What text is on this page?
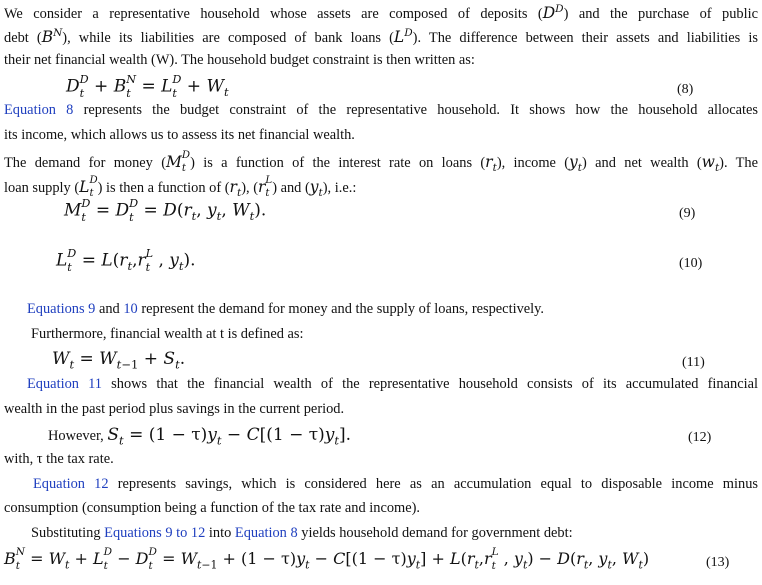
We consider a representative household whose assets are composed of deposits $(D^D)$ and the purchase of public
debt $(B^N)$, while its liabilities are composed of bank loans $(L^D)$. The difference between their assets and liabilities is
their net financial wealth (W). The household budget constraint is then written as:
D D
t + B N
t = L D
$t + W_t$	(8)
Equation 8 represents the budget constraint of the representative household. It shows how the household allocates
its income, which allows us to assess its net financial wealth.
The demand for money (M D
t ) is a function of the interest rate on loans $(r_t)$, income $(y_t)$ and net wealth $(w_t)$. The
loan supply (L D
t ) is then a function of $(r_t)$, (r L
t ) and $(y_t)$, i.e.:
M D
t = D D
$t = D(r_t$, $y_t$, $W_t$).	(9)
L D
$t = L(r_t,r$ L
t , $y_t$).	(10)
Equations 9 and 10 represent the demand for money and the supply of loans, respectively.
Furthermore, financial wealth at t is defined as:
$W_t = W_{t-1} + S_t$.	(11)
Equation 11 shows that the financial wealth of the representative household consists of its accumulated financial
wealth in the past period plus savings in the current period.
However, $S_t = (1 - \tau)y_t - C[(1 - \tau)y_t]$.	(12)
with, τ the tax rate.
Equation 12 represents savings, which is considered here as an accumulation equal to disposable income minus
consumption (consumption being a function of the tax rate and income).
Substituting Equations 9 to 12 into Equation 8 yields household demand for government debt:
B N
$t = W_t + L$ D
t − D D
$t = W_{t-1} + (1 - \tau)y_t - C[(1 - \tau)y_t] + L(r_t,r$ L
t , $y_t) - D(r_t$, $y_t$, $W_t$)	(13)
